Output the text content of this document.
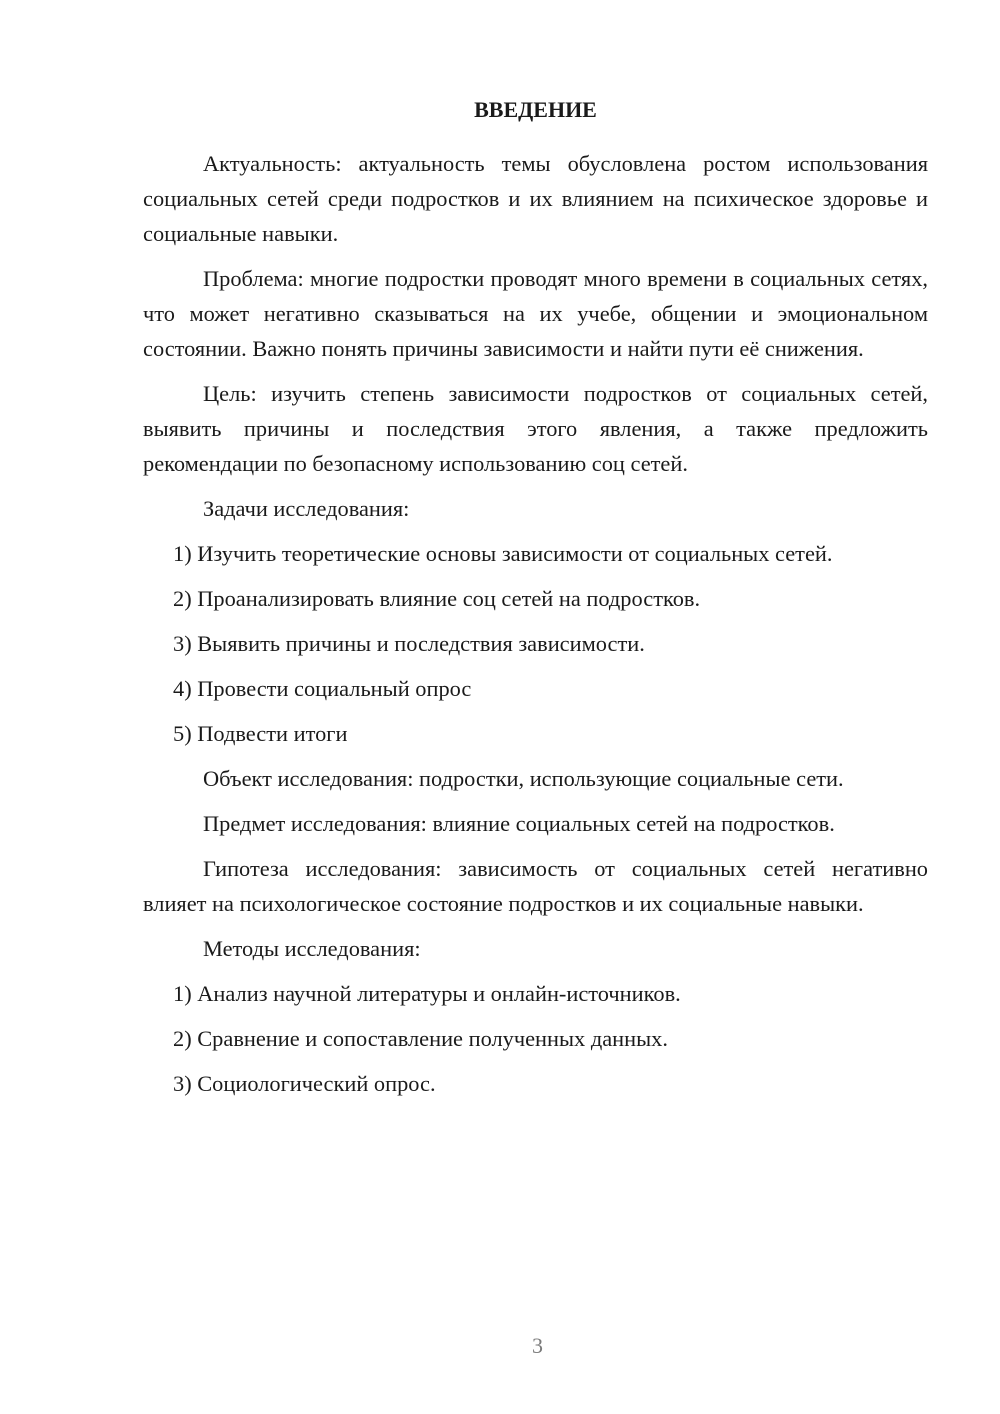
ВВЕДЕНИЕ

Актуальность: актуальность темы обусловлена ростом использования социальных сетей среди подростков и их влиянием на психическое здоровье и социальные навыки.

Проблема: многие подростки проводят много времени в социальных сетях, что может негативно сказываться на их учебе, общении и эмоциональном состоянии. Важно понять причины зависимости и найти пути её снижения.

Цель: изучить степень зависимости подростков от социальных сетей, выявить причины и последствия этого явления, а также предложить рекомендации по безопасному использованию соц сетей.

Задачи исследования:
1) Изучить теоретические основы зависимости от социальных сетей.
2) Проанализировать влияние соц сетей на подростков.
3) Выявить причины и последствия зависимости.
4) Провести социальный опрос
5) Подвести итоги
Объект исследования: подростки, использующие социальные сети.
Предмет исследования: влияние социальных сетей на подростков.

Гипотеза исследования: зависимость от социальных сетей негативно влияет на психологическое состояние подростков и их социальные навыки.

Методы исследования:
1) Анализ научной литературы и онлайн-источников.
2) Сравнение и сопоставление полученных данных.
3) Социологический опрос.
3
